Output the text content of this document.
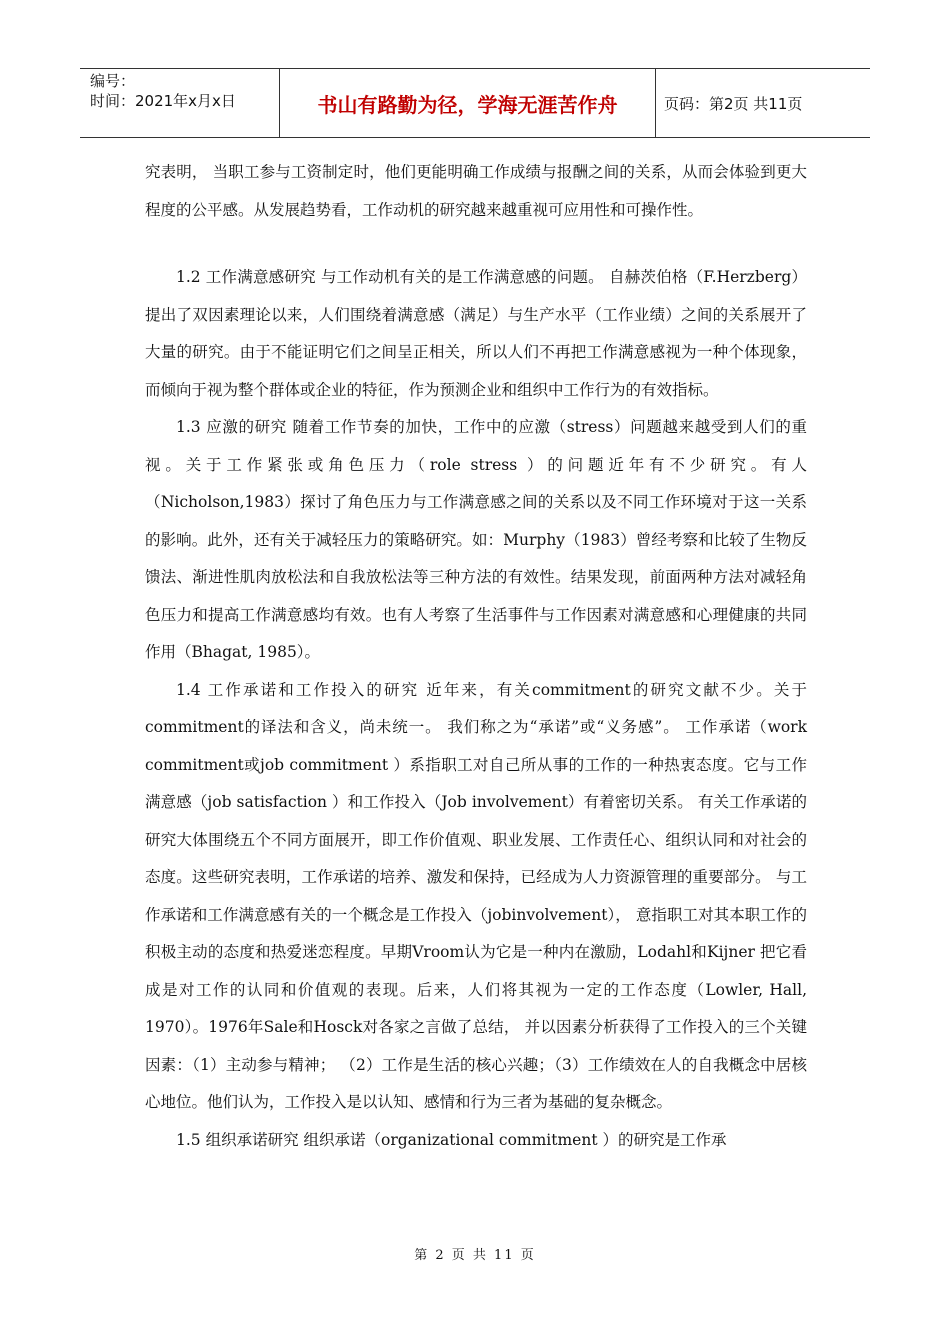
编号：
时间：2021年x月x日	书山有路勤为径，学海无涯苦作舟	页码：第2页 共11页

究表明， 当职工参与工资制定时，他们更能明确工作成绩与报酬之间的关系，从而会体验到更大程度的公平感。从发展趋势看，工作动机的研究越来越重视可应用性和可操作性。

1.2 工作满意感研究 与工作动机有关的是工作满意感的问题。 自赫茨伯格（F.Herzberg）提出了双因素理论以来，人们围绕着满意感（满足）与生产水平（工作业绩）之间的关系展开了大量的研究。由于不能证明它们之间呈正相关，所以人们不再把工作满意感视为一种个体现象，而倾向于视为整个群体或企业的特征，作为预测企业和组织中工作行为的有效指标。

1.3 应激的研究 随着工作节奏的加快，工作中的应激（stress）问题越来越受到人们的重视。关于工作紧张或角色压力（role stress ）的问题近年有不少研究。有人（Nicholson,1983）探讨了角色压力与工作满意感之间的关系以及不同工作环境对于这一关系的影响。此外，还有关于减轻压力的策略研究。如：Murphy（1983）曾经考察和比较了生物反馈法、渐进性肌肉放松法和自我放松法等三种方法的有效性。结果发现，前面两种方法对减轻角色压力和提高工作满意感均有效。也有人考察了生活事件与工作因素对满意感和心理健康的共同作用（Bhagat, 1985）。

1.4 工作承诺和工作投入的研究 近年来，有关commitment的研究文献不少。关于commitment的译法和含义，尚未统一。 我们称之为“承诺”或“义务感”。 工作承诺（work commitment或job commitment ）系指职工对自己所从事的工作的一种热衷态度。它与工作满意感（job satisfaction ）和工作投入（Job involvement）有着密切关系。 有关工作承诺的研究大体围绕五个不同方面展开，即工作价值观、职业发展、工作责任心、组织认同和对社会的态度。这些研究表明，工作承诺的培养、激发和保持，已经成为人力资源管理的重要部分。 与工作承诺和工作满意感有关的一个概念是工作投入（jobinvolvement）， 意指职工对其本职工作的积极主动的态度和热爱迷恋程度。早期Vroom认为它是一种内在激励，Lodahl和Kijner 把它看成是对工作的认同和价值观的表现。后来，人们将其视为一定的工作态度（Lowler, Hall, 1970）。1976年Sale和Hosck对各家之言做了总结， 并以因素分析获得了工作投入的三个关键因素：（1）主动参与精神； （2）工作是生活的核心兴趣；（3）工作绩效在人的自我概念中居核心地位。他们认为，工作投入是以认知、感情和行为三者为基础的复杂概念。

1.5 组织承诺研究 组织承诺（organizational commitment ）的研究是工作承

第 2 页 共 11 页
